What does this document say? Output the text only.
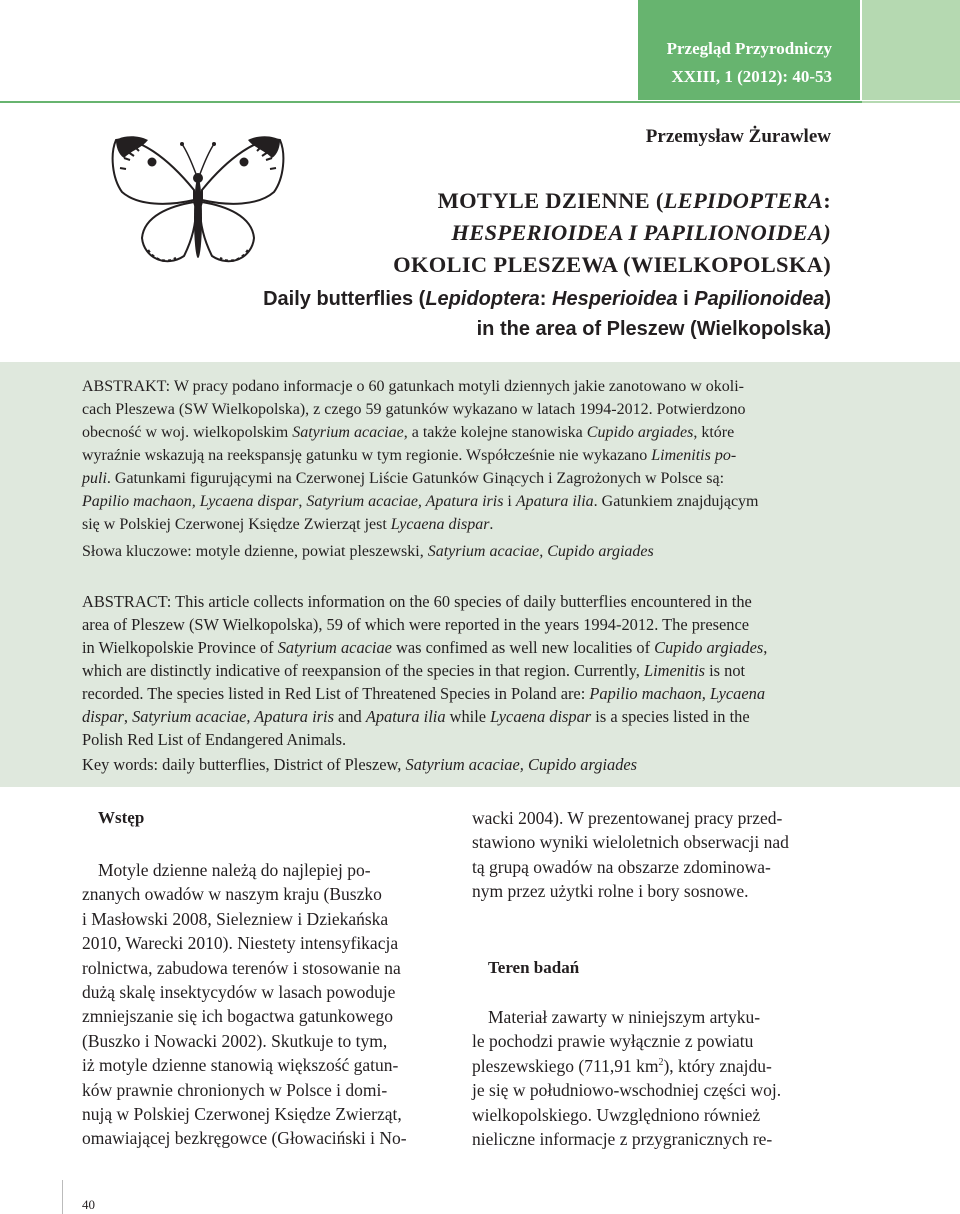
Przegląd Przyrodniczy
XXIII, 1 (2012): 40-53
Przemysław Żurawlew
MOTYLE DZIENNE (LEPIDOPTERA:
HESPERIOIDEA I PAPILIONOIDEA)
OKOLIC PLESZEWA (WIELKOPOLSKA)
Daily butterflies (Lepidoptera: Hesperioidea i Papilionoidea)
in the area of Pleszew (Wielkopolska)
ABSTRAKT: W pracy podano informacje o 60 gatunkach motyli dziennych jakie zanotowano w okoli-
cach Pleszewa (SW Wielkopolska), z czego 59 gatunków wykazano w latach 1994-2012. Potwierdzono
obecność w woj. wielkopolskim Satyrium acaciae, a także kolejne stanowiska Cupido argiades, które
wyraźnie wskazują na reekspansję gatunku w tym regionie. Współcześnie nie wykazano Limenitis po-
puli. Gatunkami figurującymi na Czerwonej Liście Gatunków Ginących i Zagrożonych w Polsce są:
Papilio machaon, Lycaena dispar, Satyrium acaciae, Apatura iris i Apatura ilia. Gatunkiem znajdującym
się w Polskiej Czerwonej Księdze Zwierząt jest Lycaena dispar.
Słowa kluczowe: motyle dzienne, powiat pleszewski, Satyrium acaciae, Cupido argiades
ABSTRACT: This article collects information on the 60 species of daily butterflies encountered in the
area of Pleszew (SW Wielkopolska), 59 of which were reported in the years 1994-2012. The presence
in Wielkopolskie Province of Satyrium acaciae was confimed as well new localities of Cupido argiades,
which are distinctly indicative of reexpansion of the species in that region. Currently, Limenitis is not
recorded. The species listed in Red List of Threatened Species in Poland are: Papilio machaon, Lycaena
dispar, Satyrium acaciae, Apatura iris and Apatura ilia while Lycaena dispar is a species listed in the
Polish Red List of Endangered Animals.
Key words: daily butterflies, District of Pleszew, Satyrium acaciae, Cupido argiades
Wstęp
Motyle dzienne należą do najlepiej po-
znanych owadów w naszym kraju (Buszko
i Masłowski 2008, Sielezniew i Dziekańska
2010, Warecki 2010). Niestety intensyfikacja
rolnictwa, zabudowa terenów i stosowanie na
dużą skalę insektycydów w lasach powoduje
zmniejszanie się ich bogactwa gatunkowego
(Buszko i Nowacki 2002). Skutkuje to tym,
iż motyle dzienne stanowią większość gatun-
ków prawnie chronionych w Polsce i domi-
nują w Polskiej Czerwonej Księdze Zwierząt,
omawiającej bezkręgowce (Głowaciński i No-
wacki 2004). W prezentowanej pracy przed-
stawiono wyniki wieloletnich obserwacji nad
tą grupą owadów na obszarze zdominowa-
nym przez użytki rolne i bory sosnowe.
Teren badań
Materiał zawarty w niniejszym artyku-
le pochodzi prawie wyłącznie z powiatu
pleszewskiego (711,91 $km^2$), który znajdu-
je się w południowo-wschodniej części woj.
wielkopolskiego. Uwzględniono również
nieliczne informacje z przygranicznych re-
40
